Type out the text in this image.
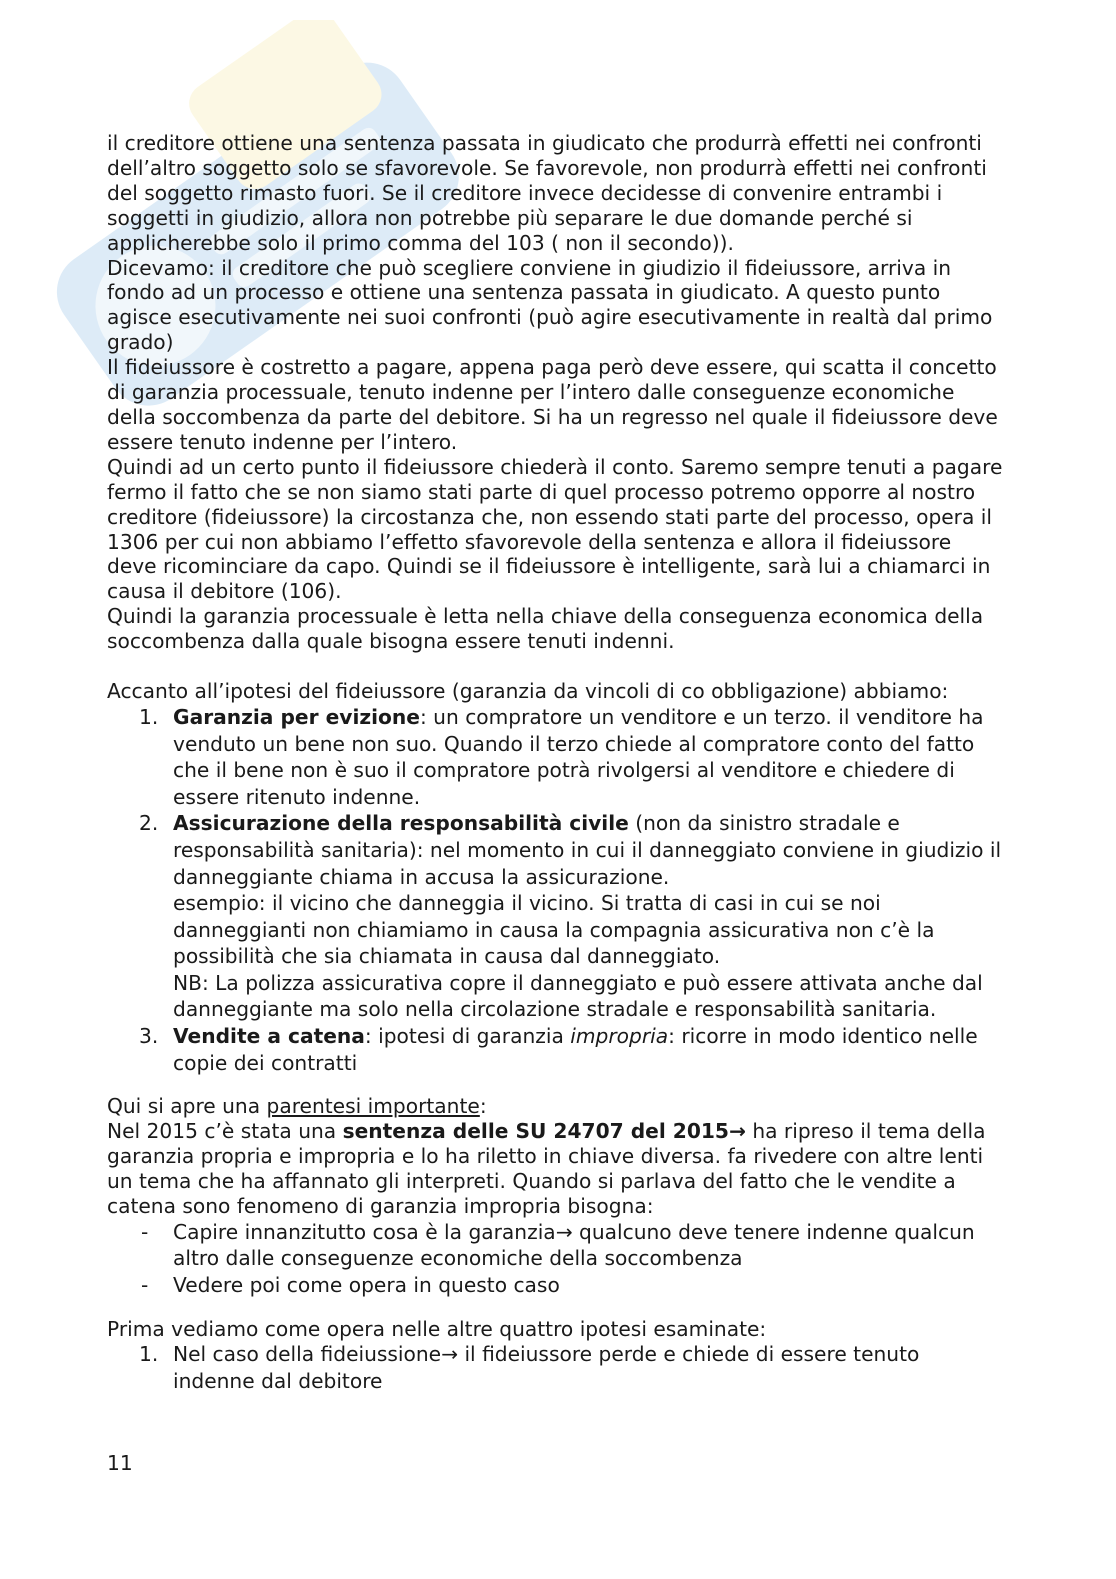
il creditore ottiene una sentenza passata in giudicato che produrrà effetti nei confronti dell’altro soggetto solo se sfavorevole. Se favorevole, non produrrà effetti nei confronti del soggetto rimasto fuori. Se il creditore invece decidesse di convenire entrambi i soggetti in giudizio, allora non potrebbe più separare le due domande perché si applicherebbe solo il primo comma del 103 ( non il secondo)).

Dicevamo: il creditore che può scegliere conviene in giudizio il fideiussore, arriva in fondo ad un processo e ottiene una sentenza passata in giudicato. A questo punto agisce esecutivamente nei suoi confronti (può agire esecutivamente in realtà dal primo grado)

Il fideiussore è costretto a pagare, appena paga però deve essere, qui scatta il concetto di garanzia processuale, tenuto indenne per l’intero dalle conseguenze economiche della soccombenza da parte del debitore. Si ha un regresso nel quale il fideiussore deve essere tenuto indenne per l’intero.

Quindi ad un certo punto il fideiussore chiederà il conto. Saremo sempre tenuti a pagare fermo il fatto che se non siamo stati parte di quel processo potremo opporre al nostro creditore (fideiussore) la circostanza che, non essendo stati parte del processo, opera il 1306 per cui non abbiamo l’effetto sfavorevole della sentenza e allora il fideiussore deve ricominciare da capo. Quindi se il fideiussore è intelligente, sarà lui a chiamarci in causa il debitore (106).

Quindi la garanzia processuale è letta nella chiave della conseguenza economica della soccombenza dalla quale bisogna essere tenuti indenni.

Accanto all’ipotesi del fideiussore (garanzia da vincoli di co obbligazione) abbiamo:

1. Garanzia per evizione: un compratore un venditore e un terzo. il venditore ha venduto un bene non suo. Quando il terzo chiede al compratore conto del fatto che il bene non è suo il compratore potrà rivolgersi al venditore e chiedere di essere ritenuto indenne.
2. Assicurazione della responsabilità civile (non da sinistro stradale e responsabilità sanitaria): nel momento in cui il danneggiato conviene in giudizio il danneggiante chiama in accusa la assicurazione.
esempio: il vicino che danneggia il vicino. Si tratta di casi in cui se noi danneggianti non chiamiamo in causa la compagnia assicurativa non c’è la possibilità che sia chiamata in causa dal danneggiato.
NB: La polizza assicurativa copre il danneggiato e può essere attivata anche dal danneggiante ma solo nella circolazione stradale e responsabilità sanitaria.
3. Vendite a catena: ipotesi di garanzia impropria: ricorre in modo identico nelle copie dei contratti

Qui si apre una parentesi importante:

Nel 2015 c’è stata una sentenza delle SU 24707 del 2015→ ha ripreso il tema della garanzia propria e impropria e lo ha riletto in chiave diversa. fa rivedere con altre lenti un tema che ha affannato gli interpreti. Quando si parlava del fatto che le vendite a catena sono fenomeno di garanzia impropria bisogna:

- Capire innanzitutto cosa è la garanzia→ qualcuno deve tenere indenne qualcun altro dalle conseguenze economiche della soccombenza
- Vedere poi come opera in questo caso

Prima vediamo come opera nelle altre quattro ipotesi esaminate:

1. Nel caso della fideiussione→ il fideiussore perde e chiede di essere tenuto indenne dal debitore
11
